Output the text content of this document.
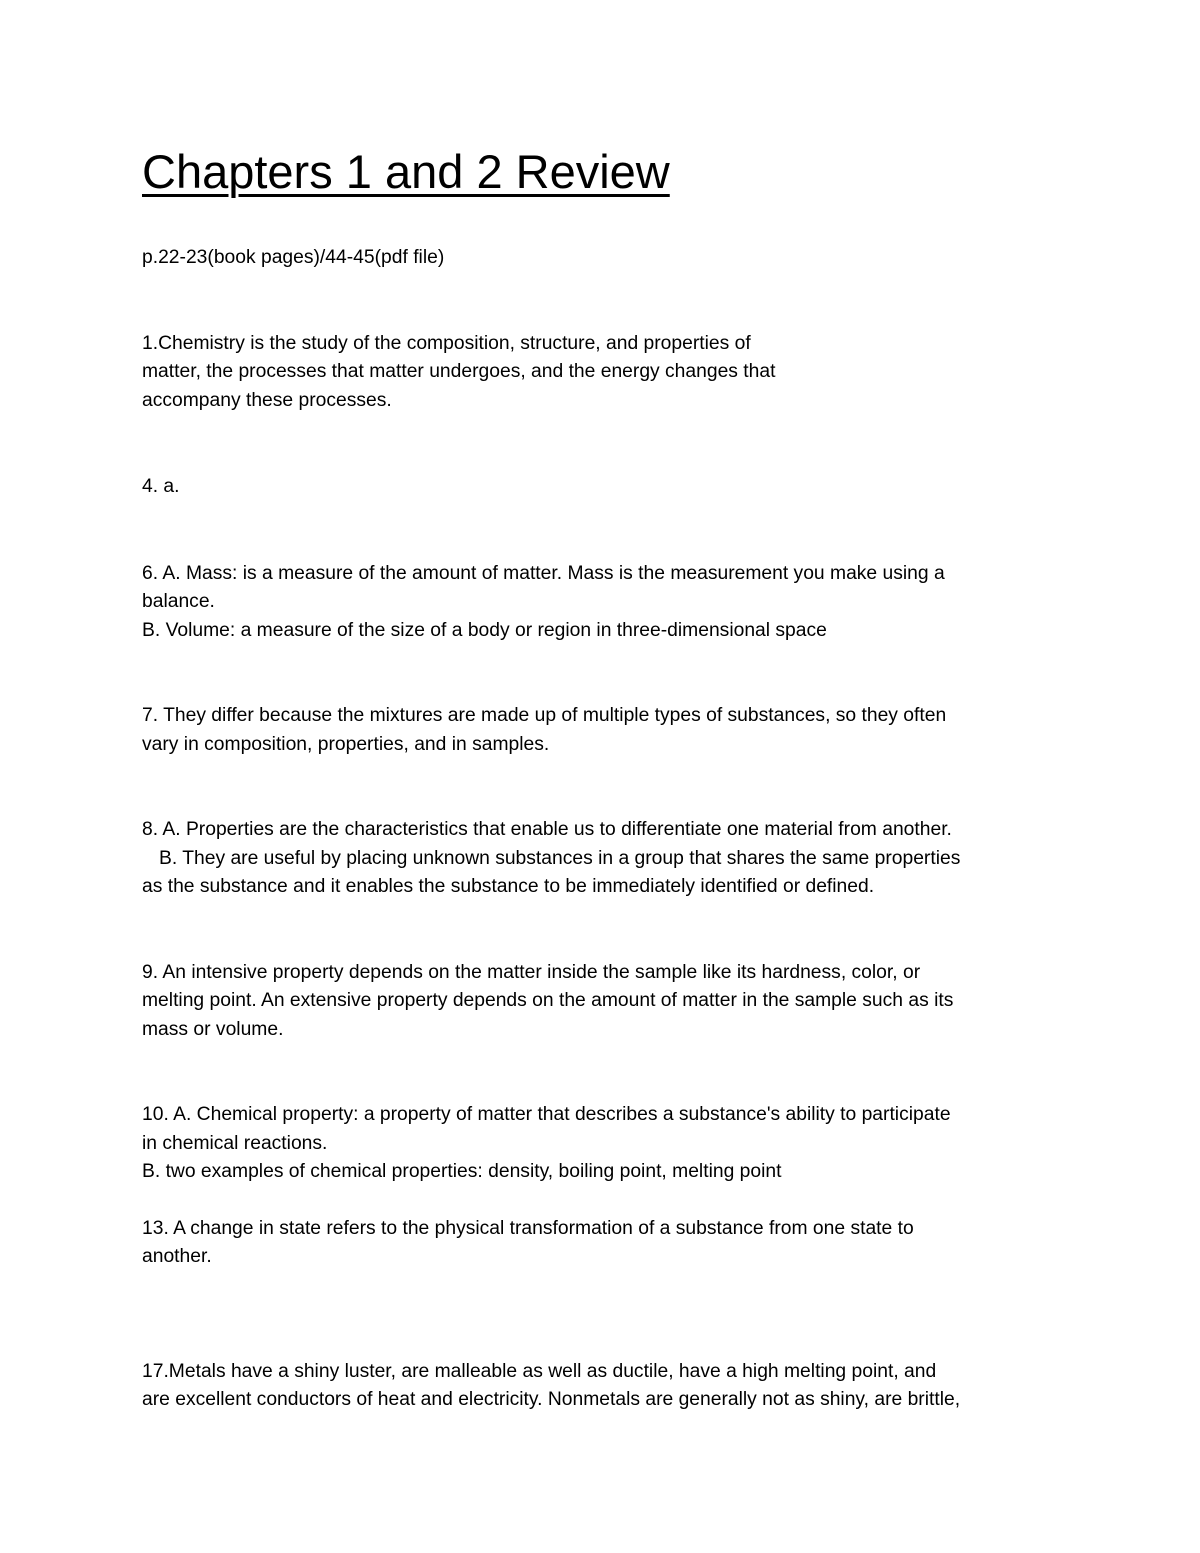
Chapters 1 and 2 Review

p.22-23(book pages)/44-45(pdf file)

1.Chemistry is the study of the composition, structure, and properties of

matter, the processes that matter undergoes, and the energy changes that

accompany these processes.

4. a.

6. A. Mass: is a measure of the amount of matter. Mass is the measurement you make using a

balance.

B. Volume: a measure of the size of a body or region in three-dimensional space

7. They differ because the mixtures are made up of multiple types of substances, so they often

vary in composition, properties, and in samples.

8. A. Properties are the characteristics that enable us to differentiate one material from another.

B. They are useful by placing unknown substances in a group that shares the same properties

as the substance and it enables the substance to be immediately identified or defined.

9. An intensive property depends on the matter inside the sample like its hardness, color, or

melting point. An extensive property depends on the amount of matter in the sample such as its

mass or volume.

10. A. Chemical property: a property of matter that describes a substance's ability to participate

in chemical reactions.

B. two examples of chemical properties: density, boiling point, melting point

13. A change in state refers to the physical transformation of a substance from one state to

another.

17.Metals have a shiny luster, are malleable as well as ductile, have a high melting point, and

are excellent conductors of heat and electricity. Nonmetals are generally not as shiny, are brittle,
